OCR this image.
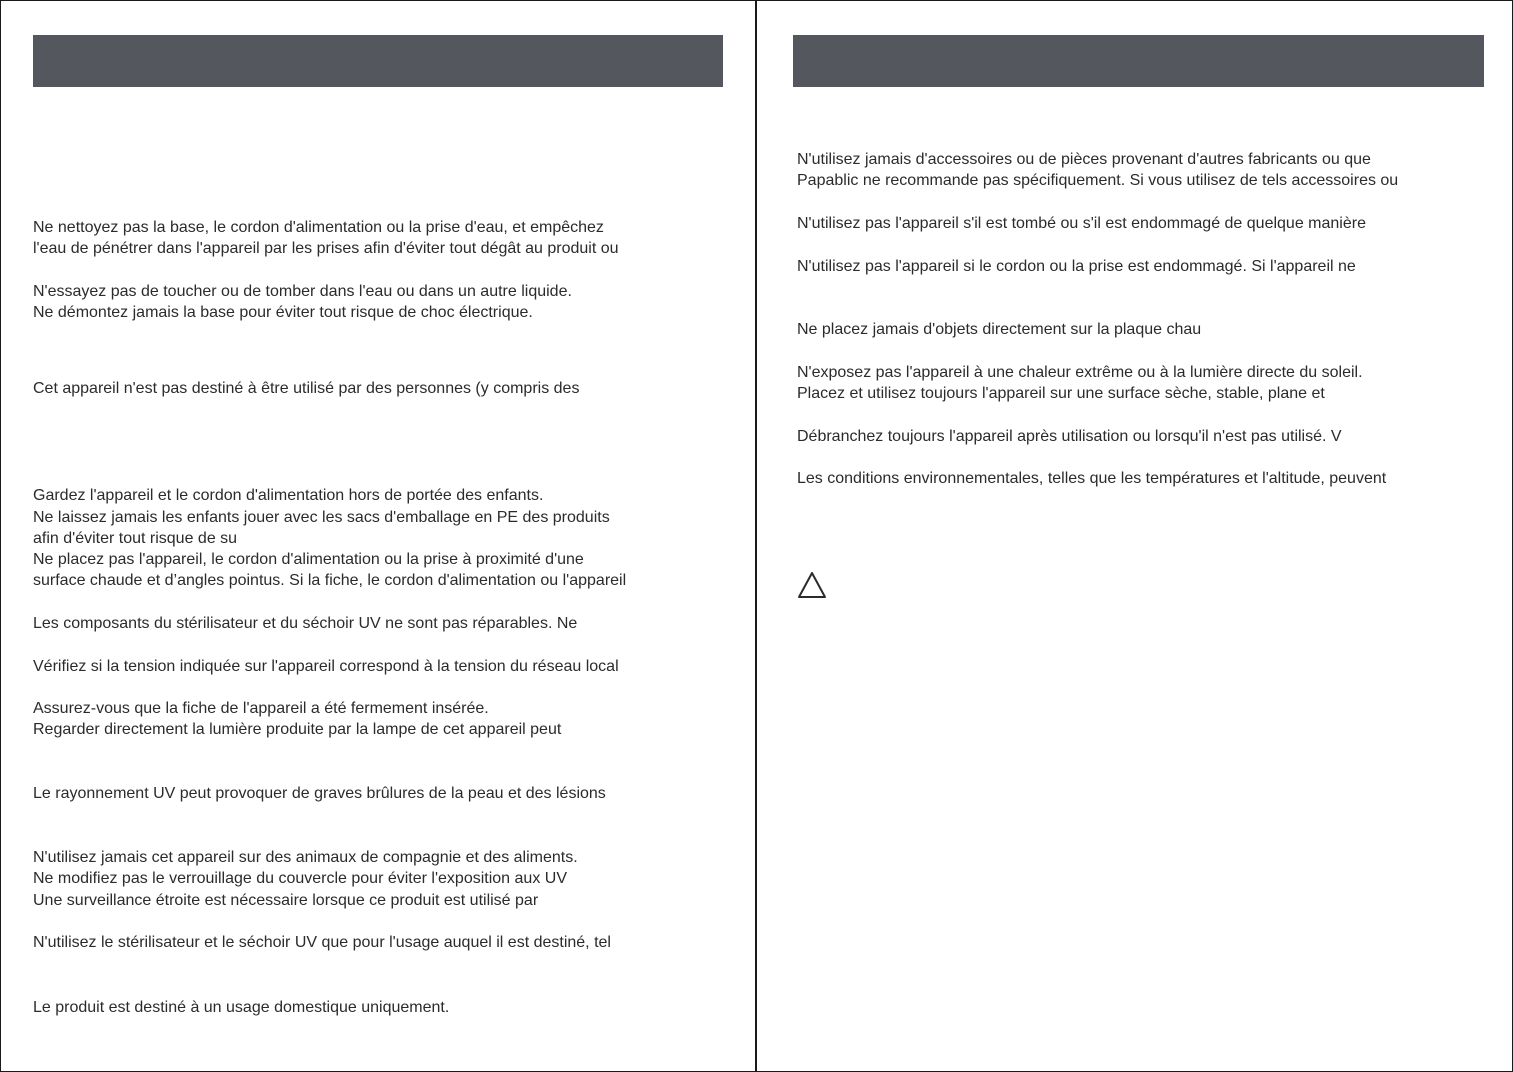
Ne nettoyez pas la base, le cordon d'alimentation ou la prise d'eau, et empêchez
l'eau de pénétrer dans l'appareil par les prises afin d'éviter tout dégât au produit ou
N'essayez pas de toucher ou de tomber dans l'eau ou dans un autre liquide.
Ne démontez jamais la base pour éviter tout risque de choc électrique.
Cet appareil n'est pas destiné à être utilisé par des personnes (y compris des
Gardez l'appareil et le cordon d'alimentation hors de portée des enfants.
Ne laissez jamais les enfants jouer avec les sacs d'emballage en PE des produits
afin d'éviter tout risque de su
Ne placez pas l'appareil, le cordon d'alimentation ou la prise à proximité d'une
surface chaude et d’angles pointus. Si la fiche, le cordon d'alimentation ou l'appareil
Les composants du stérilisateur et du séchoir UV ne sont pas réparables. Ne
Vérifiez si la tension indiquée sur l'appareil correspond à la tension du réseau local
Assurez-vous que la fiche de l'appareil a été fermement insérée.
Regarder directement la lumière produite par la lampe de cet appareil peut
Le rayonnement UV peut provoquer de graves brûlures de la peau et des lésions
N'utilisez jamais cet appareil sur des animaux de compagnie et des aliments.
Ne modifiez pas le verrouillage du couvercle pour éviter l'exposition aux UV
Une surveillance étroite est nécessaire lorsque ce produit est utilisé par
N'utilisez le stérilisateur et le séchoir UV que pour l'usage auquel il est destiné, tel
Le produit est destiné à un usage domestique uniquement.
N'utilisez jamais d'accessoires ou de pièces provenant d'autres fabricants ou que
Papablic ne recommande pas spécifiquement. Si vous utilisez de tels accessoires ou
N'utilisez pas l'appareil s'il est tombé ou s'il est endommagé de quelque manière
N'utilisez pas l'appareil si le cordon ou la prise est endommagé. Si l'appareil ne
Ne placez jamais d'objets directement sur la plaque chau
N'exposez pas l'appareil à une chaleur extrême ou à la lumière directe du soleil.
Placez et utilisez toujours l'appareil sur une surface sèche, stable, plane et
Débranchez toujours l'appareil après utilisation ou lorsqu'il n'est pas utilisé. V
Les conditions environnementales, telles que les températures et l'altitude, peuvent
